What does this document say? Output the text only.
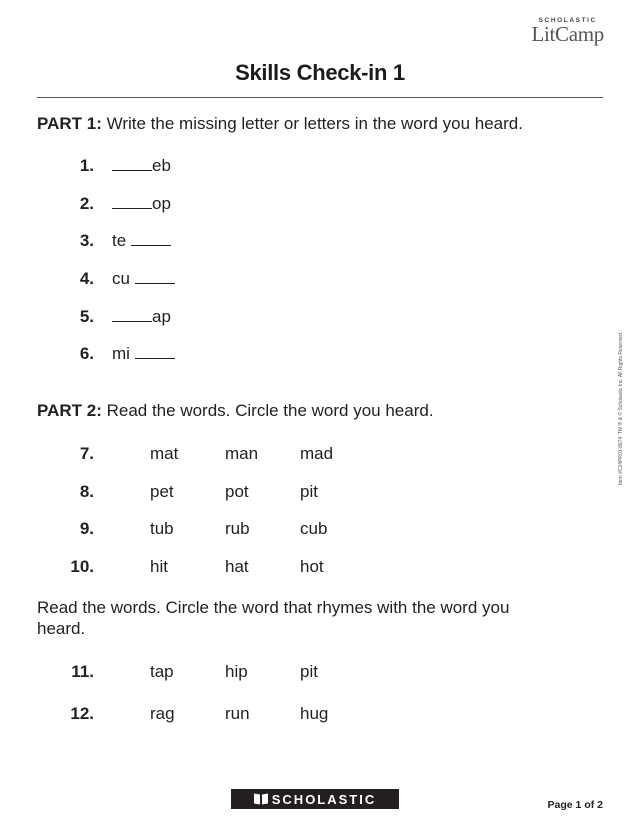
SCHOLASTIC
LitCamp
Skills Check-in 1
PART 1: Write the missing letter or letters in the word you heard.
1.	eb
2.	op
3. te
4. cu
5.	ap
6. mi
PART 2: Read the words. Circle the word you heard.
7.	mat	man mad
8.	pet	pot	pit
9.	tub	rub	cub
10.	hit	hat	hot
Read the words. Circle the word that rhymes with the word you heard.
11.	tap	hip	pit
12.	rag	run	hug
Item #C24PR01-8674. TM ® & © Scholastic Inc. All Rights Reserved.
SCHOLASTIC	Page 1 of 2
